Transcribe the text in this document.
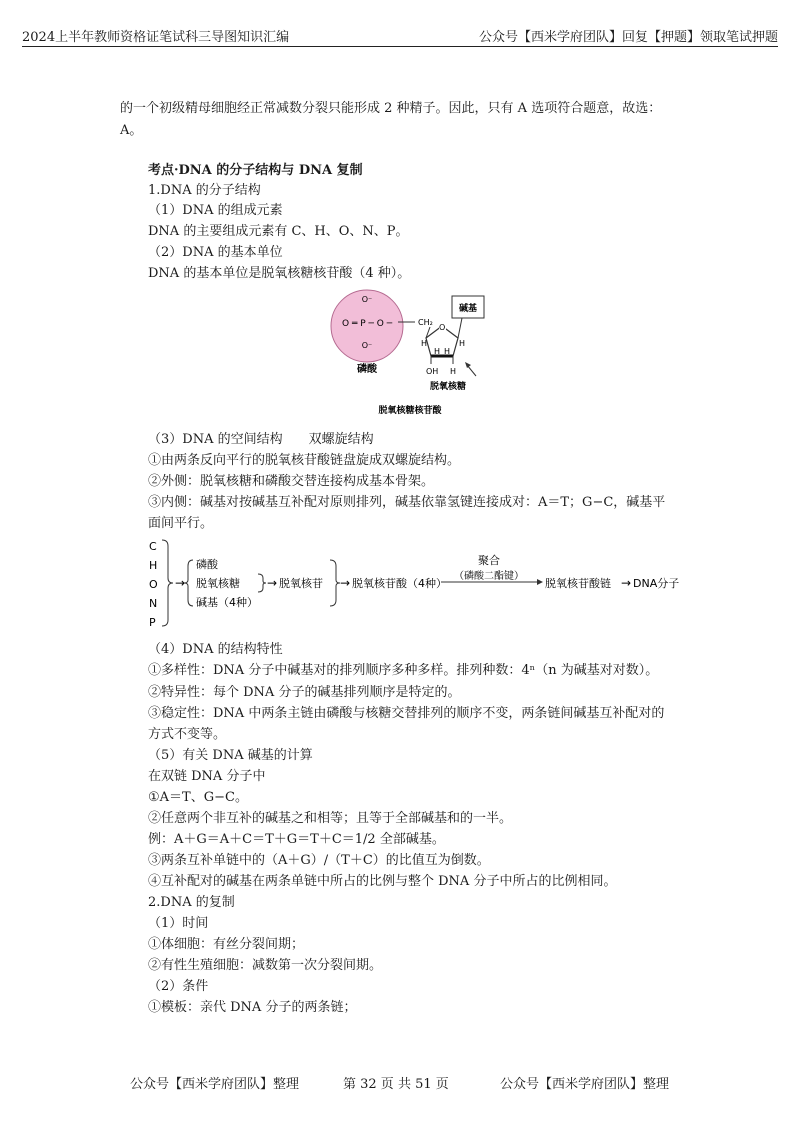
2024上半年教师资格证笔试科三导图知识汇编	公众号【西米学府团队】回复【押题】领取笔试押题
的一个初级精母细胞经正常减数分裂只能形成 2 种精子。因此，只有 A 选项符合题意，故选：
A。
考点·DNA 的分子结构与 DNA 复制
1.DNA 的分子结构
（1）DNA 的组成元素
DNA 的主要组成元素有 C、H、O、N、P。
（2）DNA 的基本单位
DNA 的基本单位是脱氧核糖核苷酸（4 种）。
O⁻
O ═ P ─ O ─
O⁻
磷酸
CH₂
O
碱基
H	H
H H
OH H
脱氧核糖
脱氧核糖核苷酸
（3）DNA 的空间结构　　双螺旋结构
①由两条反向平行的脱氧核苷酸链盘旋成双螺旋结构。
②外侧：脱氧核糖和磷酸交替连接构成基本骨架。
③内侧：碱基对按碱基互补配对原则排列，碱基依靠氢键连接成对：A＝T；G−C，碱基平
面间平行。
C
H
O
N
P
→
磷酸
脱氧核糖
碱基（4种）
→ 脱氧核苷 → 脱氧核苷酸（4种）
聚合
（磷酸二酯键）
脱氧核苷酸链 → DNA分子
（4）DNA 的结构特性
①多样性：DNA 分子中碱基对的排列顺序多种多样。排列种数：4ⁿ（n 为碱基对对数）。
②特异性：每个 DNA 分子的碱基排列顺序是特定的。
③稳定性：DNA 中两条主链由磷酸与核糖交替排列的顺序不变，两条链间碱基互补配对的
方式不变等。
（5）有关 DNA 碱基的计算
在双链 DNA 分子中
①A＝T、G−C。
②任意两个非互补的碱基之和相等；且等于全部碱基和的一半。
例：A＋G＝A＋C＝T＋G＝T＋C＝1/2 全部碱基。
③两条互补单链中的（A＋G）/（T＋C）的比值互为倒数。
④互补配对的碱基在两条单链中所占的比例与整个 DNA 分子中所占的比例相同。
2.DNA 的复制
（1）时间
①体细胞：有丝分裂间期；
②有性生殖细胞：减数第一次分裂间期。
（2）条件
①模板：亲代 DNA 分子的两条链；
公众号【西米学府团队】整理	第 32 页 共 51 页	公众号【西米学府团队】整理
